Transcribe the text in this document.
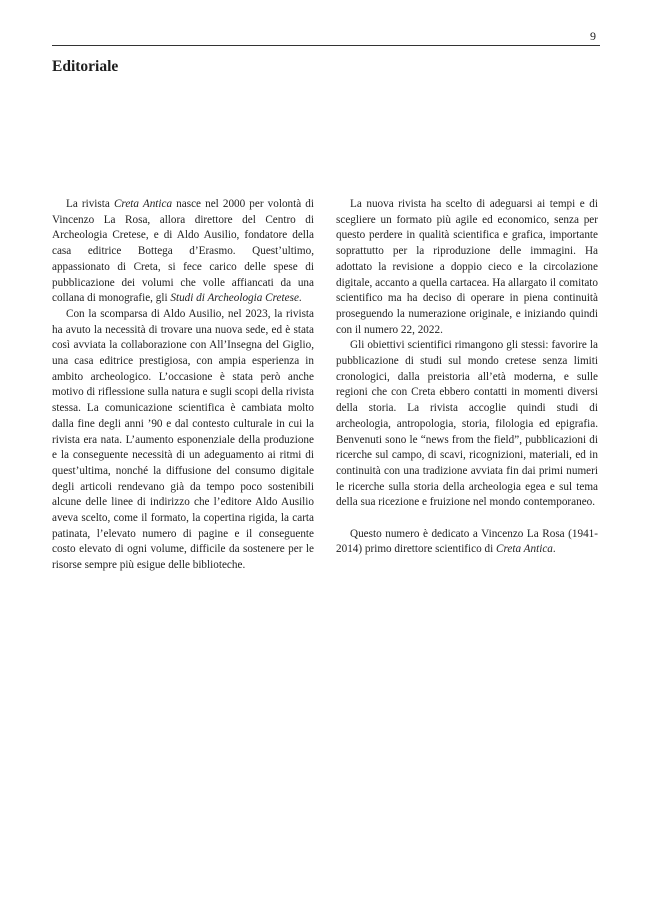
9
Editoriale

La rivista Creta Antica nasce nel 2000 per volontà di Vincenzo La Rosa, allora direttore del Centro di Archeologia Cretese, e di Aldo Ausilio, fondatore della casa editrice Bottega d’Erasmo. Quest’ultimo, appassionato di Creta, si fece carico delle spese di pubblicazione dei volumi che volle affiancati da una collana di monografie, gli Studi di Archeologia Cretese.

Con la scomparsa di Aldo Ausilio, nel 2023, la rivista ha avuto la necessità di trovare una nuova sede, ed è stata così avviata la collaborazione con All’Insegna del Giglio, una casa editrice prestigiosa, con ampia esperienza in ambito archeologico. L’occasione è stata però anche motivo di riflessione sulla natura e sugli scopi della rivista stessa. La comunicazione scientifica è cambiata molto dalla fine degli anni ’90 e dal contesto culturale in cui la rivista era nata. L’aumento esponenziale della produzione e la conseguente necessità di un adeguamento ai ritmi di quest’ultima, nonché la diffusione del consumo digitale degli articoli rendevano già da tempo poco sostenibili alcune delle linee di indirizzo che l’editore Aldo Ausilio aveva scelto, come il formato, la copertina rigida, la carta patinata, l’elevato numero di pagine e il conseguente costo elevato di ogni volume, difficile da sostenere per le risorse sempre più esigue delle biblioteche.

La nuova rivista ha scelto di adeguarsi ai tempi e di scegliere un formato più agile ed economico, senza per questo perdere in qualità scientifica e grafica, importante soprattutto per la riproduzione delle immagini. Ha adottato la revisione a doppio cieco e la circolazione digitale, accanto a quella cartacea. Ha allargato il comitato scientifico ma ha deciso di operare in piena continuità proseguendo la numerazione originale, e iniziando quindi con il numero 22, 2022.

Gli obiettivi scientifici rimangono gli stessi: favorire la pubblicazione di studi sul mondo cretese senza limiti cronologici, dalla preistoria all’età moderna, e sulle regioni che con Creta ebbero contatti in momenti diversi della storia. La rivista accoglie quindi studi di archeologia, antropologia, storia, filologia ed epigrafia. Benvenuti sono le “news from the field”, pubblicazioni di ricerche sul campo, di scavi, ricognizioni, materiali, ed in continuità con una tradizione avviata fin dai primi numeri le ricerche sulla storia della archeologia egea e sul tema della sua ricezione e fruizione nel mondo contemporaneo.

Questo numero è dedicato a Vincenzo La Rosa (1941-2014) primo direttore scientifico di Creta Antica.
